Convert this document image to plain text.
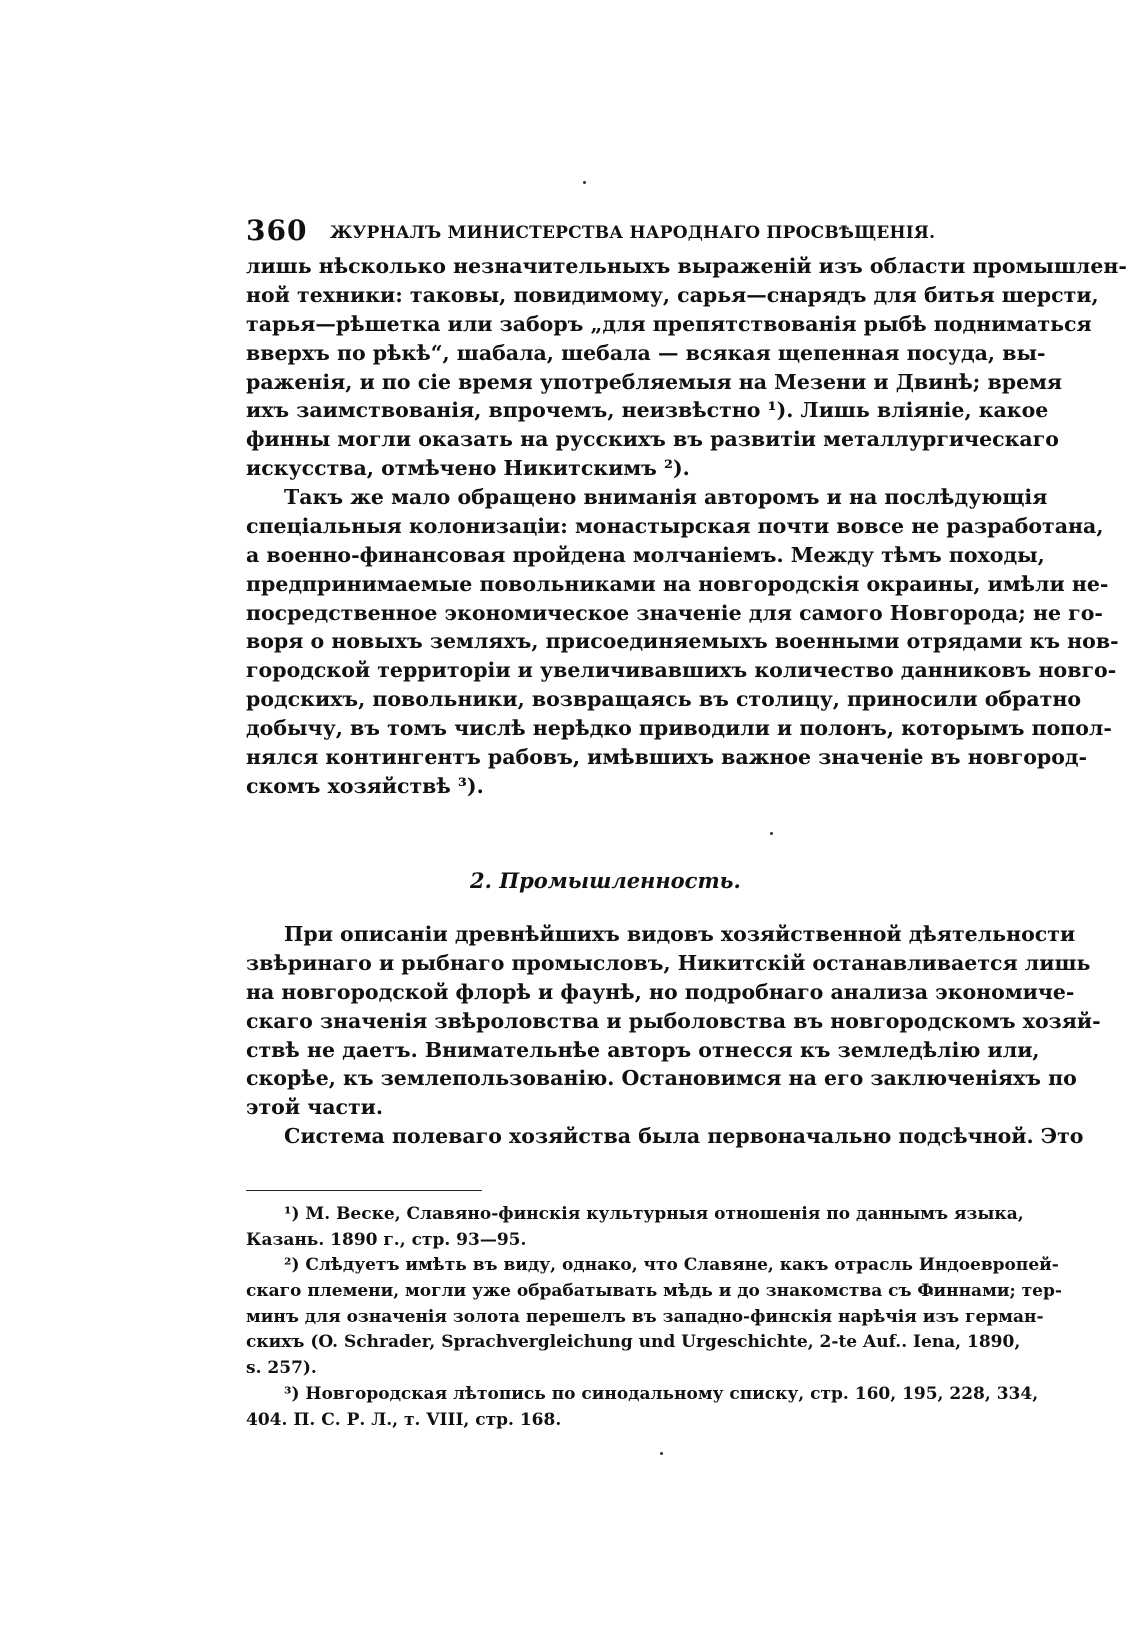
360 ЖУРНАЛЪ МИНИСТЕРСТВА НАРОДНАГО ПРОСВѢЩЕНІЯ.
лишь нѣсколько незначительныхъ выраженій изъ области промышлен-
ной техники: таковы, повидимому, сарья—снарядъ для битья шерсти,
тарья—рѣшетка или заборъ „для препятствованія рыбѣ подниматься
вверхъ по рѣкѣ“, шабала, шебала — всякая щепенная посуда, вы-
раженія, и по сіе время употребляемыя на Мезени и Двинѣ; время
ихъ заимствованія, впрочемъ, неизвѣстно ¹). Лишь вліяніе, какое
финны могли оказать на русскихъ въ развитіи металлургическаго
искусства, отмѣчено Никитскимъ ²).
Такъ же мало обращено вниманія авторомъ и на послѣдующія
спеціальныя колонизаціи: монастырская почти вовсе не разработана,
а военно-финансовая пройдена молчаніемъ. Между тѣмъ походы,
предпринимаемые повольниками на новгородскія окраины, имѣли не-
посредственное экономическое значеніе для самого Новгорода; не го-
воря о новыхъ земляхъ, присоединяемыхъ военными отрядами къ нов-
городской территоріи и увеличивавшихъ количество данниковъ новго-
родскихъ, повольники, возвращаясь въ столицу, приносили обратно
добычу, въ томъ числѣ нерѣдко приводили и полонъ, которымъ попол-
нялся контингентъ рабовъ, имѣвшихъ важное значеніе въ новгород-
скомъ хозяйствѣ ³).
2. Промышленность.
При описаніи древнѣйшихъ видовъ хозяйственной дѣятельности
звѣринаго и рыбнаго промысловъ, Никитскій останавливается лишь
на новгородской флорѣ и фаунѣ, но подробнаго анализа экономиче-
скаго значенія звѣроловства и рыболовства въ новгородскомъ хозяй-
ствѣ не даетъ. Внимательнѣе авторъ отнесся къ земледѣлію или,
скорѣе, къ землепользованію. Остановимся на его заключеніяхъ по
этой части.
Система полеваго хозяйства была первоначально подсѣчной. Это
¹) М. Веске, Славяно-финскія культурныя отношенія по даннымъ языка,
Казань. 1890 г., стр. 93—95.
²) Слѣдуетъ имѣть въ виду, однако, что Славяне, какъ отрасль Индоевропей-
скаго племени, могли уже обрабатывать мѣдь и до знакомства съ Финнами; тер-
минъ для означенія золота перешелъ въ западно-финскія нарѣчія изъ герман-
скихъ (O. Schrader, Sprachvergleichung und Urgeschichte, 2-te Auf.. Iena, 1890,
s. 257).
³) Новгородская лѣтопись по синодальному списку, стр. 160, 195, 228, 334,
404. П. С. Р. Л., т. VIII, стр. 168.
